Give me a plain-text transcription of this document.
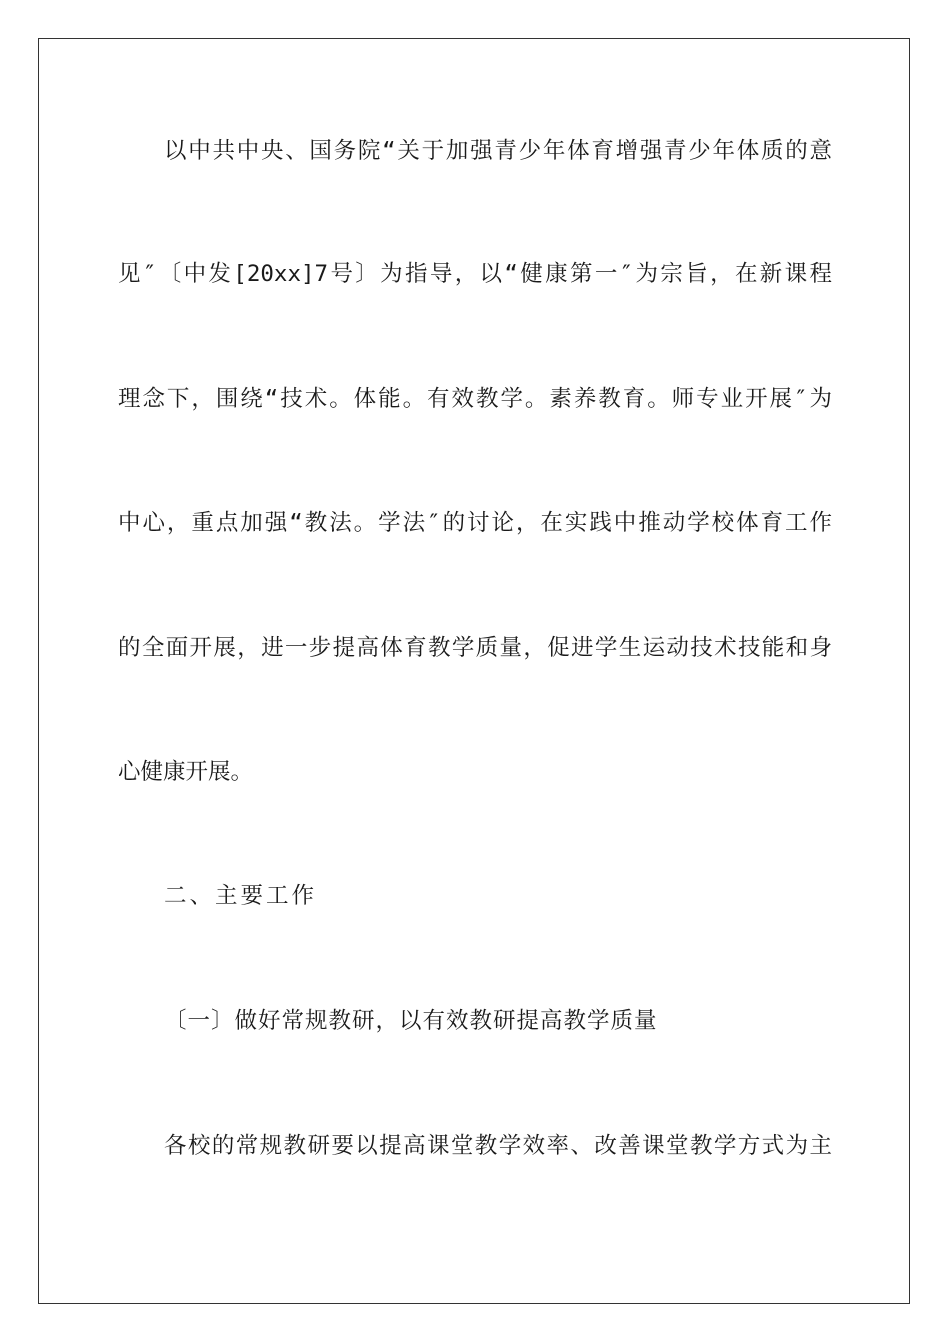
以中共中央、国务院“关于加强青少年体育增强青少年体质的意
见″〔中发[20xx]7号〕为指导，以“健康第一″为宗旨，在新课程
理念下，围绕“技术。体能。有效教学。素养教育。师专业开展″为
中心，重点加强“教法。学法″的讨论，在实践中推动学校体育工作
的全面开展，进一步提高体育教学质量，促进学生运动技术技能和身
心健康开展。
二、主要工作
〔一〕做好常规教研，以有效教研提高教学质量
各校的常规教研要以提高课堂教学效率、改善课堂教学方式为主
